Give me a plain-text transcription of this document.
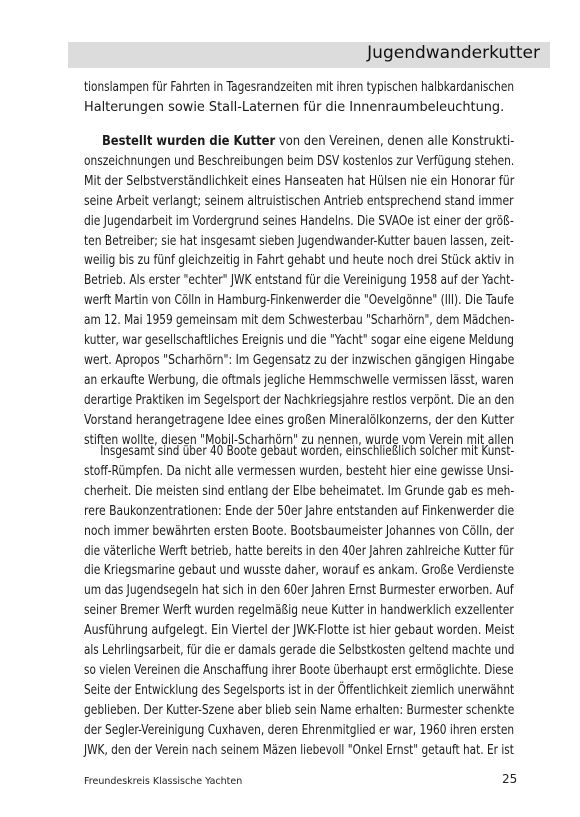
Jugendwanderkutter
tionslampen für Fahrten in Tagesrandzeiten mit ihren typischen halbkardanischen
Halterungen sowie Stall-Laternen für die Innenraumbeleuchtung.
Bestellt wurden die Kutter von den Vereinen, denen alle Konstrukti-
onszeichnungen und Beschreibungen beim DSV kostenlos zur Verfügung stehen.
Mit der Selbstverständlichkeit eines Hanseaten hat Hülsen nie ein Honorar für
seine Arbeit verlangt; seinem altruistischen Antrieb entsprechend stand immer
die Jugendarbeit im Vordergrund seines Handelns. Die SVAOe ist einer der größ-
ten Betreiber; sie hat insgesamt sieben Jugendwander-Kutter bauen lassen, zeit-
weilig bis zu fünf gleichzeitig in Fahrt gehabt und heute noch drei Stück aktiv in
Betrieb. Als erster "echter" JWK entstand für die Vereinigung 1958 auf der Yacht-
werft Martin von Cölln in Hamburg-Finkenwerder die "Oevelgönne" (III). Die Taufe
am 12. Mai 1959 gemeinsam mit dem Schwesterbau "Scharhörn", dem Mädchen-
kutter, war gesellschaftliches Ereignis und die "Yacht" sogar eine eigene Meldung
wert. Apropos "Scharhörn": Im Gegensatz zu der inzwischen gängigen Hingabe
an erkaufte Werbung, die oftmals jegliche Hemmschwelle vermissen lässt, waren
derartige Praktiken im Segelsport der Nachkriegsjahre restlos verpönt. Die an den
Vorstand herangetragene Idee eines großen Mineralölkonzerns, der den Kutter
stiften wollte, diesen "Mobil-Scharhörn" zu nennen, wurde vom Verein mit allen
Insgesamt sind über 40 Boote gebaut worden, einschließlich solcher mit Kunst-
stoff-Rümpfen. Da nicht alle vermessen wurden, besteht hier eine gewisse Unsi-
cherheit. Die meisten sind entlang der Elbe beheimatet. Im Grunde gab es meh-
rere Baukonzentrationen: Ende der 50er Jahre entstanden auf Finkenwerder die
noch immer bewährten ersten Boote. Bootsbaumeister Johannes von Cölln, der
die väterliche Werft betrieb, hatte bereits in den 40er Jahren zahlreiche Kutter für
die Kriegsmarine gebaut und wusste daher, worauf es ankam. Große Verdienste
um das Jugendsegeln hat sich in den 60er Jahren Ernst Burmester erworben. Auf
seiner Bremer Werft wurden regelmäßig neue Kutter in handwerklich exzellenter
Ausführung aufgelegt. Ein Viertel der JWK-Flotte ist hier gebaut worden. Meist
als Lehrlingsarbeit, für die er damals gerade die Selbstkosten geltend machte und
so vielen Vereinen die Anschaffung ihrer Boote überhaupt erst ermöglichte. Diese
Seite der Entwicklung des Segelsports ist in der Öffentlichkeit ziemlich unerwähnt
geblieben. Der Kutter-Szene aber blieb sein Name erhalten: Burmester schenkte
der Segler-Vereinigung Cuxhaven, deren Ehrenmitglied er war, 1960 ihren ersten
JWK, den der Verein nach seinem Mäzen liebevoll "Onkel Ernst" getauft hat. Er ist
Freundeskreis Klassische Yachten	25
